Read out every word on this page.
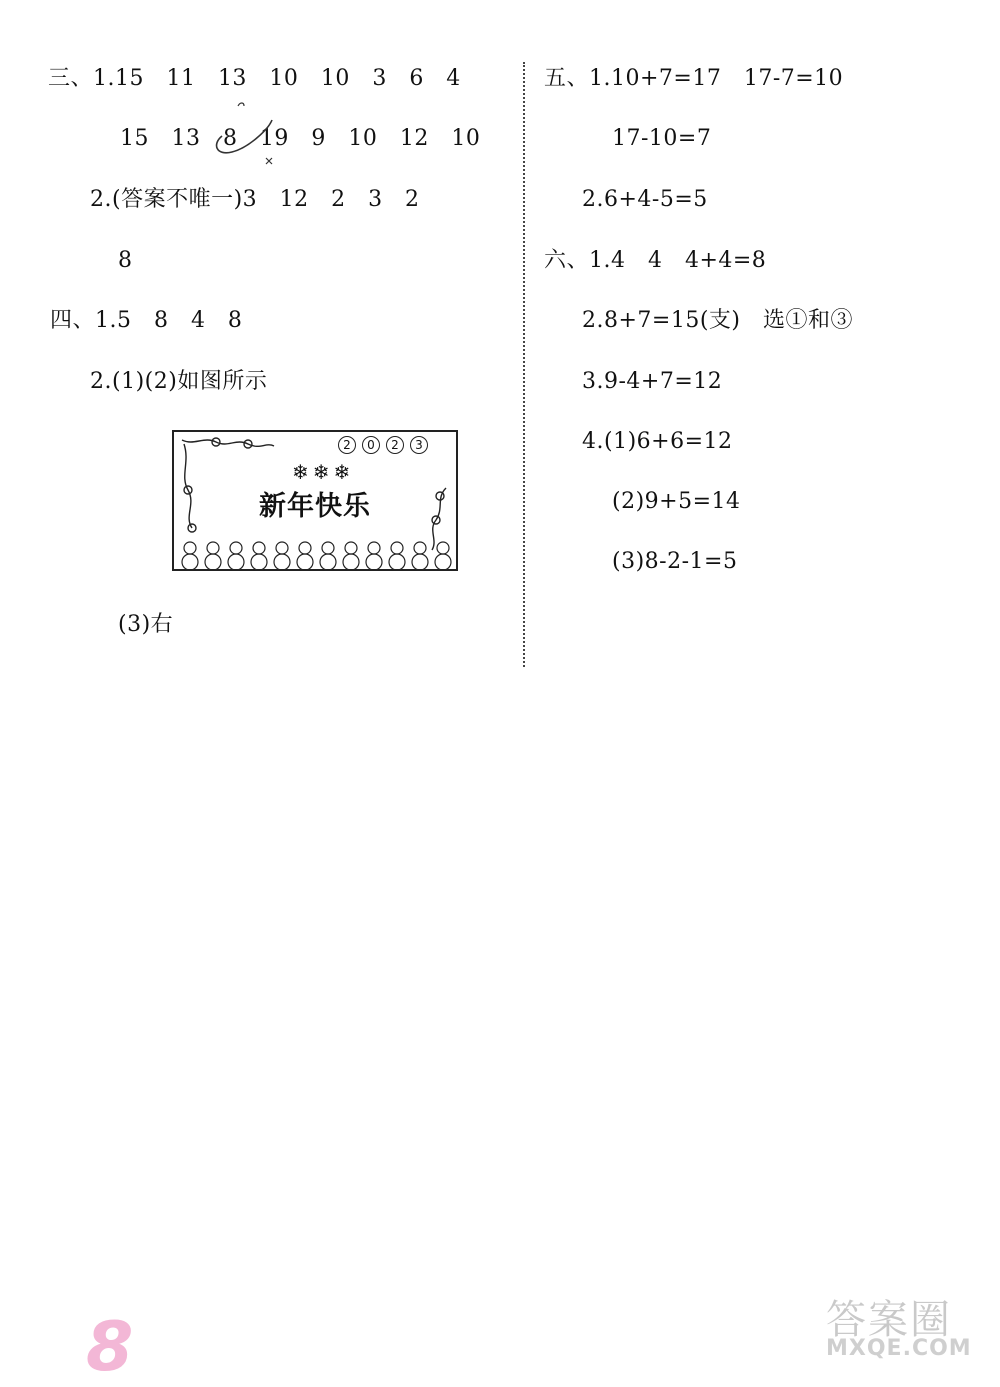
三、1.15   11   13   10   10   3   6   4
15   13   8   19   9   10   12   10
2.(答案不唯一)3   12   2   3   2
8
四、1.5   8   4   8
2.(1)(2)如图所示
2	0	2	3
❄❄❄
新年快乐
(3)右
五、1.10+7=17   17-7=10
17-10=7
2.6+4-5=5
六、1.4   4   4+4=8
2.8+7=15(支)   选①和③
3.9-4+7=12
4.(1)6+6=12
(2)9+5=14
(3)8-2-1=5
8	答案圈
MXQE.COM
